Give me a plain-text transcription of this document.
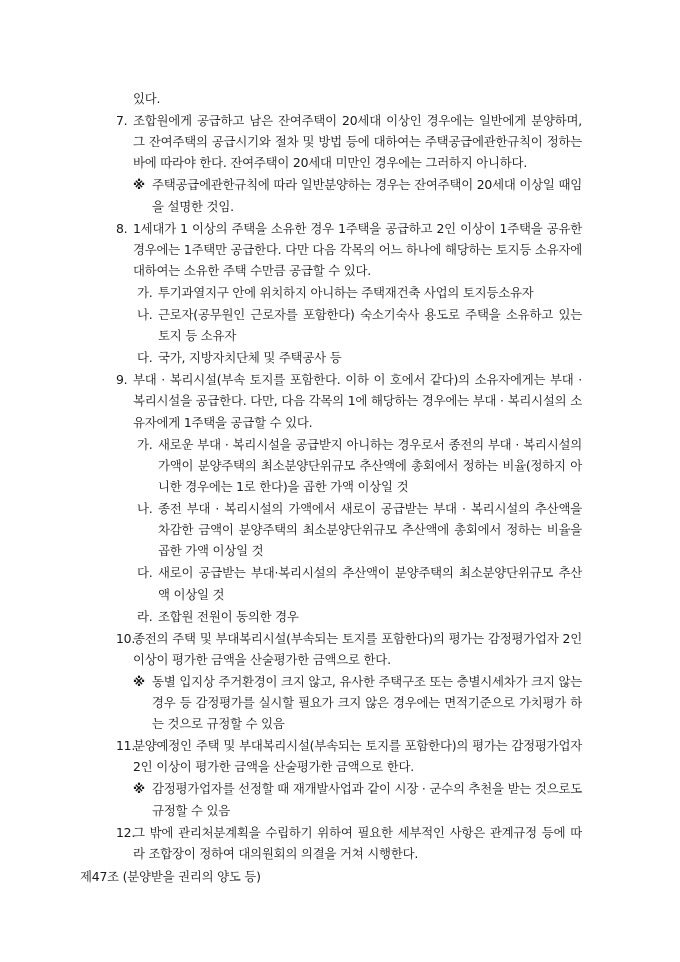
있다.
7. 조합원에게 공급하고 남은 잔여주택이 20세대 이상인 경우에는 일반에게 분양하며, 그 잔여주택의 공급시기와 절차 및 방법 등에 대하여는 주택공급에관한규칙이 정하는 바에 따라야 한다. 잔여주택이 20세대 미만인 경우에는 그러하지 아니하다.
※ 주택공급에관한규칙에 따라 일반분양하는 경우는 잔여주택이 20세대 이상일 때임을 설명한 것임.
8. 1세대가 1 이상의 주택을 소유한 경우 1주택을 공급하고 2인 이상이 1주택을 공유한 경우에는 1주택만 공급한다. 다만 다음 각목의 어느 하나에 해당하는 토지등 소유자에 대하여는 소유한 주택 수만큼 공급할 수 있다.
가. 투기과열지구 안에 위치하지 아니하는 주택재건축 사업의 토지등소유자
나. 근로자(공무원인 근로자를 포함한다) 숙소기숙사 용도로 주택을 소유하고 있는 토지 등 소유자
다. 국가, 지방자치단체 및 주택공사 등
9. 부대 · 복리시설(부속 토지를 포함한다. 이하 이 호에서 같다)의 소유자에게는 부대 · 복리시설을 공급한다. 다만, 다음 각목의 1에 해당하는 경우에는 부대 · 복리시설의 소유자에게 1주택을 공급할 수 있다.
가. 새로운 부대 · 복리시설을 공급받지 아니하는 경우로서 종전의 부대 · 복리시설의 가액이 분양주택의 최소분양단위규모 추산액에 총회에서 정하는 비율(정하지 아니한 경우에는 1로 한다)을 곱한 가액 이상일 것
나. 종전 부대 · 복리시설의 가액에서 새로이 공급받는 부대 · 복리시설의 추산액을 차감한 금액이 분양주택의 최소분양단위규모 추산액에 총회에서 정하는 비율을 곱한 가액 이상일 것
다. 새로이 공급받는 부대·복리시설의 추산액이 분양주택의 최소분양단위규모 추산액 이상일 것
라. 조합원 전원이 동의한 경우
10.
종전의 주택 및 부대복리시설(부속되는 토지를 포함한다)의 평가는 감정평가업자 2인 이상이 평가한 금액을 산술평가한 금액으로 한다.
※ 동별 입지상 주거환경이 크지 않고, 유사한 주택구조 또는 층별시세차가 크지 않는 경우 등 감정평가를 실시할 필요가 크지 않은 경우에는 면적기준으로 가치평가 하는 것으로 규정할 수 있음
11.
분양예정인 주택 및 부대복리시설(부속되는 토지를 포함한다)의 평가는 감정평가업자 2인 이상이 평가한 금액을 산술평가한 금액으로 한다.
※ 감정평가업자를 선정할 때 재개발사업과 같이 시장 · 군수의 추천을 받는 것으로도 규정할 수 있음
12.
그 밖에 관리처분계획을 수립하기 위하여 필요한 세부적인 사항은 관계규정 등에 따라 조합장이 정하여 대의원회의 의결을 거쳐 시행한다.
제47조 (분양받을 권리의 양도 등)
